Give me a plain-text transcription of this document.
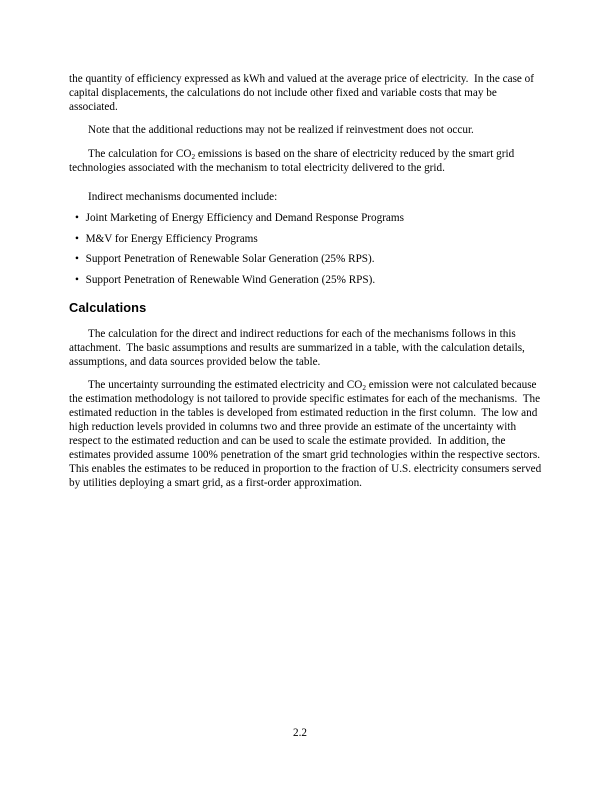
the quantity of efficiency expressed as kWh and valued at the average price of electricity.  In the case of capital displacements, the calculations do not include other fixed and variable costs that may be associated.

Note that the additional reductions may not be realized if reinvestment does not occur.

The calculation for $CO_2$ emissions is based on the share of electricity reduced by the smart grid technologies associated with the mechanism to total electricity delivered to the grid.

Indirect mechanisms documented include:

• Joint Marketing of Energy Efficiency and Demand Response Programs
• M&V for Energy Efficiency Programs
• Support Penetration of Renewable Solar Generation (25% RPS).
• Support Penetration of Renewable Wind Generation (25% RPS).
Calculations

The calculation for the direct and indirect reductions for each of the mechanisms follows in this attachment.  The basic assumptions and results are summarized in a table, with the calculation details, assumptions, and data sources provided below the table.

The uncertainty surrounding the estimated electricity and $CO_2$ emission were not calculated because the estimation methodology is not tailored to provide specific estimates for each of the mechanisms.  The estimated reduction in the tables is developed from estimated reduction in the first column.  The low and high reduction levels provided in columns two and three provide an estimate of the uncertainty with respect to the estimated reduction and can be used to scale the estimate provided.  In addition, the estimates provided assume 100% penetration of the smart grid technologies within the respective sectors.  This enables the estimates to be reduced in proportion to the fraction of U.S. electricity consumers served by utilities deploying a smart grid, as a first-order approximation.

2.2
